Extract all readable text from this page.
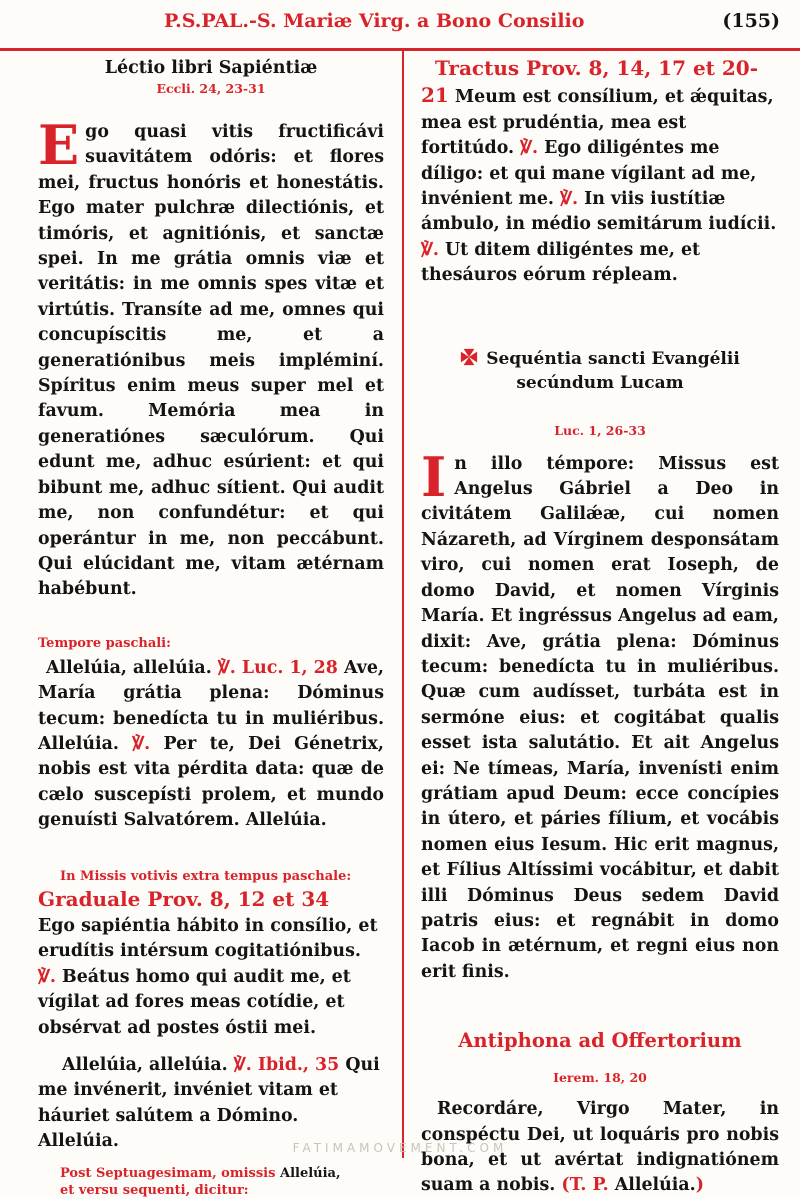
P.S.PAL.-S. Mariæ Virg. a Bono Consilio	(155)

Léctio libri Sapiéntiæ

Eccli. 24, 23-31

Ego quasi vitis fructificávi suavitátem odóris: et flores mei, fructus honóris et honestátis. Ego mater pulchræ dilectiónis, et timóris, et agnitiónis, et sanctæ spei. In me grátia omnis viæ et veritátis: in me omnis spes vitæ et virtútis. Transíte ad me, omnes qui concupíscitis me, et a generatiónibus meis impléminí. Spíritus enim meus super mel et favum. Memória mea in generatiónes sæculórum. Qui edunt me, adhuc esúrient: et qui bibunt me, adhuc sítient. Qui audit me, non confundétur: et qui operántur in me, non peccábunt. Qui elúcidant me, vitam ætérnam habébunt.

Tempore paschali:

Allelúia, allelúia. ℣. Luc. 1, 28 Ave, María grátia plena: Dóminus tecum: benedícta tu in muliéribus. Allelúia. ℣. Per te, Dei Génetrix, nobis est vita pérdita data: quæ de cælo suscepísti prolem, et mundo genuísti Salvatórem. Allelúia.

In Missis votivis extra tempus paschale:

Graduale Prov. 8, 12 et 34
Ego sapiéntia hábito in consílio, et erudítis intérsum cogitatiónibus. ℣. Beátus homo qui audit me, et vígilat ad fores meas cotídie, et obsérvat ad postes óstii mei.

Allelúia, allelúia. ℣. Ibid., 35 Qui me invénerit, invéniet vitam et háuriet salútem a Dómino. Allelúia.

Post Septuagesimam, omissis Allelúia,
et versu sequenti, dicitur:

Tractus Prov. 8, 14, 17 et 20-21 Meum est consílium, et ǽquitas, mea est prudéntia, mea est fortitúdo. ℣. Ego diligéntes me díligo: et qui mane vígilant ad me, invénient me. ℣. In viis iustítiæ ámbulo, in médio semitárum iudícii. ℣. Ut ditem diligéntes me, et thesáuros eórum répleam.

Sequéntia sancti Evangélii
secúndum Lucam

Luc. 1, 26-33

In illo témpore: Missus est Angelus Gábriel a Deo in civitátem Galilǽæ, cui nomen Názareth, ad Vírginem desponsátam viro, cui nomen erat Ioseph, de domo David, et nomen Vírginis María. Et ingréssus Angelus ad eam, dixit: Ave, grátia plena: Dóminus tecum: benedícta tu in muliéribus. Quæ cum audísset, turbáta est in sermóne eius: et cogitábat qualis esset ista salutátio. Et ait Angelus ei: Ne tímeas, María, invenísti enim grátiam apud Deum: ecce concípies in útero, et páries fílium, et vocábis nomen eius Iesum. Hic erit magnus, et Fílius Altíssimi vocábitur, et dabit illi Dóminus Deus sedem David patris eius: et regnábit in domo Iacob in ætérnum, et regni eius non erit finis.

Antiphona ad Offertorium

Ierem. 18, 20

Recordáre, Virgo Mater, in conspéctu Dei, ut loquáris pro nobis bona, et ut avértat indignatiónem suam a nobis. (T. P. Allelúia.)

FATIMAMOVEMENT.COM
